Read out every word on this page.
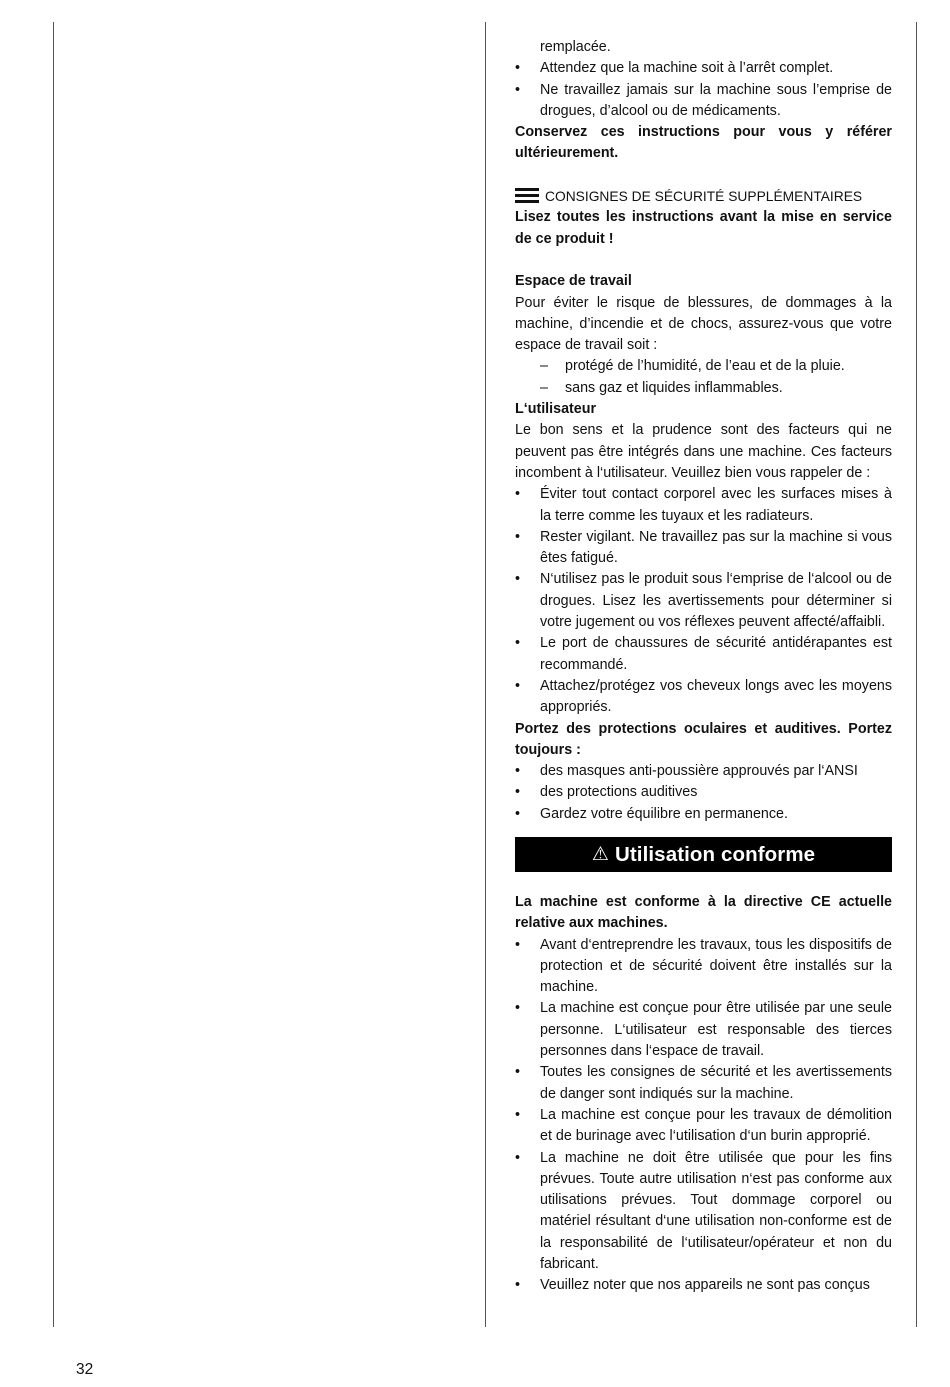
remplacée.

• Attendez que la machine soit à l’arrêt complet.
• Ne travaillez jamais sur la machine sous l’emprise de drogues, d’alcool ou de médicaments.

Conservez ces instructions pour vous y référer ultérieurement.

CONSIGNES DE SÉCURITÉ SUPPLÉMENTAIRES

Lisez toutes les instructions avant la mise en service de ce produit !

Espace de travail

Pour éviter le risque de blessures, de dommages à la machine, d’incendie et de chocs, assurez-vous que votre espace de travail soit :

– protégé de l’humidité, de l’eau et de la pluie.
– sans gaz et liquides inflammables.

L‘utilisateur

Le bon sens et la prudence sont des facteurs qui ne peuvent pas être intégrés dans une machine. Ces facteurs incombent à l‘utilisateur. Veuillez bien vous rappeler de :

• Éviter tout contact corporel avec les surfaces mises à la terre comme les tuyaux et les radiateurs.
• Rester vigilant. Ne travaillez pas sur la machine si vous êtes fatigué.
• N‘utilisez pas le produit sous l‘emprise de l‘alcool ou de drogues. Lisez les avertissements pour déterminer si votre jugement ou vos réflexes peuvent affecté/affaibli.
• Le port de chaussures de sécurité antidérapantes est recommandé.
• Attachez/protégez vos cheveux longs avec les moyens appropriés.

Portez des protections oculaires et auditives. Portez toujours :

• des masques anti-poussière approuvés par l‘ANSI
• des protections auditives
• Gardez votre équilibre en permanence.
⚠ Utilisation conforme

La machine est conforme à la directive CE actuelle relative aux machines.

• Avant d‘entreprendre les travaux, tous les dispositifs de protection et de sécurité doivent être installés sur la machine.
• La machine est conçue pour être utilisée par une seule personne. L‘utilisateur est responsable des tierces personnes dans l‘espace de travail.
• Toutes les consignes de sécurité et les avertissements de danger sont indiqués sur la machine.
• La machine est conçue pour les travaux de démolition et de burinage avec l‘utilisation d‘un burin approprié.
• La machine ne doit être utilisée que pour les fins prévues. Toute autre utilisation n‘est pas conforme aux utilisations prévues. Tout dommage corporel ou matériel résultant d‘une utilisation non-conforme est de la responsabilité de l‘utilisateur/opérateur et non du fabricant.
• Veuillez noter que nos appareils ne sont pas conçus
32
